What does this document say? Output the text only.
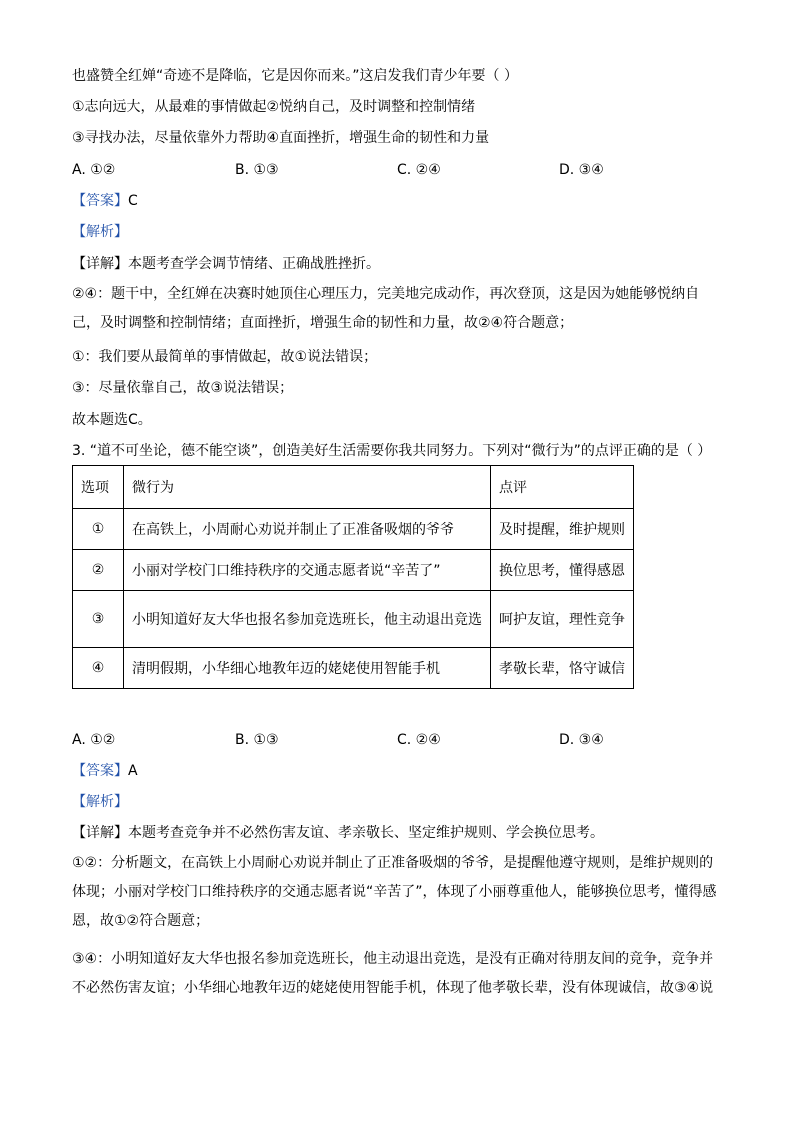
也盛赞全红婵“奇迹不是降临，它是因你而来。”这启发我们青少年要（ ）
①志向远大，从最难的事情做起②悦纳自己，及时调整和控制情绪
③寻找办法，尽量依靠外力帮助④直面挫折，增强生命的韧性和力量
A. ①②	B. ①③	C. ②④	D. ③④
【答案】C
【解析】
【详解】本题考查学会调节情绪、正确战胜挫折。
②④：题干中，全红婵在决赛时她顶住心理压力，完美地完成动作，再次登顶，这是因为她能够悦纳自己，及时调整和控制情绪；直面挫折，增强生命的韧性和力量，故②④符合题意；
①：我们要从最简单的事情做起，故①说法错误；
③：尽量依靠自己，故③说法错误；
故本题选C。
3. “道不可坐论，德不能空谈”，创造美好生活需要你我共同努力。下列对“微行为”的点评正确的是（ ）
选项	微行为	点评
①	在高铁上，小周耐心劝说并制止了正准备吸烟的爷爷	及时提醒，维护规则
②	小丽对学校门口维持秩序的交通志愿者说“辛苦了”	换位思考，懂得感恩
③	小明知道好友大华也报名参加竞选班长，他主动退出竞选	呵护友谊，理性竞争
④	清明假期，小华细心地教年迈的姥姥使用智能手机	孝敬长辈，恪守诚信
A. ①②	B. ①③	C. ②④	D. ③④
【答案】A
【解析】
【详解】本题考查竞争并不必然伤害友谊、孝亲敬长、坚定维护规则、学会换位思考。
①②：分析题文，在高铁上小周耐心劝说并制止了正准备吸烟的爷爷，是提醒他遵守规则，是维护规则的体现；小丽对学校门口维持秩序的交通志愿者说“辛苦了”，体现了小丽尊重他人，能够换位思考，懂得感恩，故①②符合题意；
③④：小明知道好友大华也报名参加竞选班长，他主动退出竞选，是没有正确对待朋友间的竞争，竞争并不必然伤害友谊；小华细心地教年迈的姥姥使用智能手机，体现了他孝敬长辈，没有体现诚信，故③④说
